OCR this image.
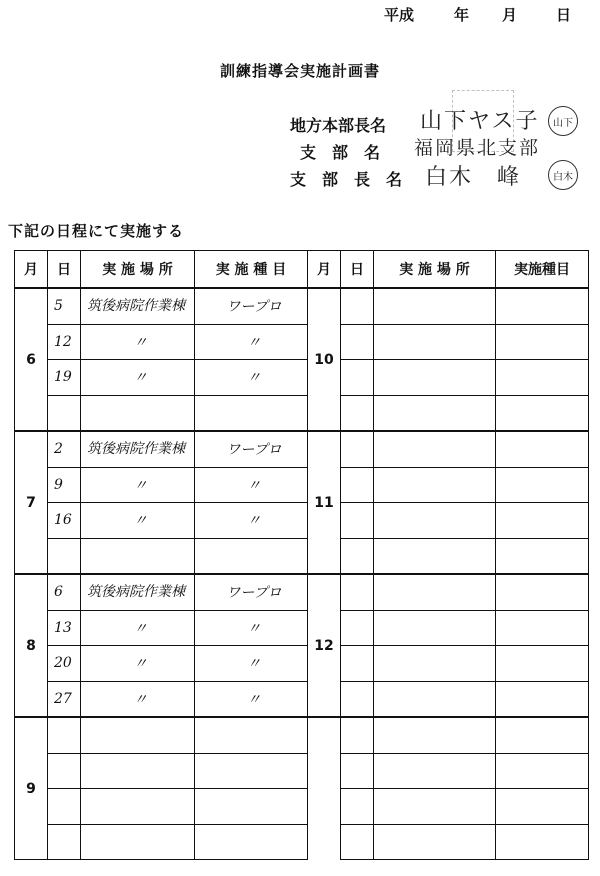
平成	年 月	日
訓練指導会実施計画書
地方本部長名 山下ヤス子	山下
支　部　名 福岡県北支部
支　部　長　名 白木　峰	白木
下記の日程にて実施する
月	日	実 施 場 所	実 施 種 目	月	日	実 施 場 所	実施種目
6	5	筑後病院作業棟	ワープロ	10			
	12	〃	〃				
	19	〃	〃				

7	2	筑後病院作業棟	ワープロ	11			
	9	〃	〃				
	16	〃	〃				

8	6	筑後病院作業棟	ワープロ	12			
	13	〃	〃				
	20	〃	〃				
	27	〃	〃				
9							
